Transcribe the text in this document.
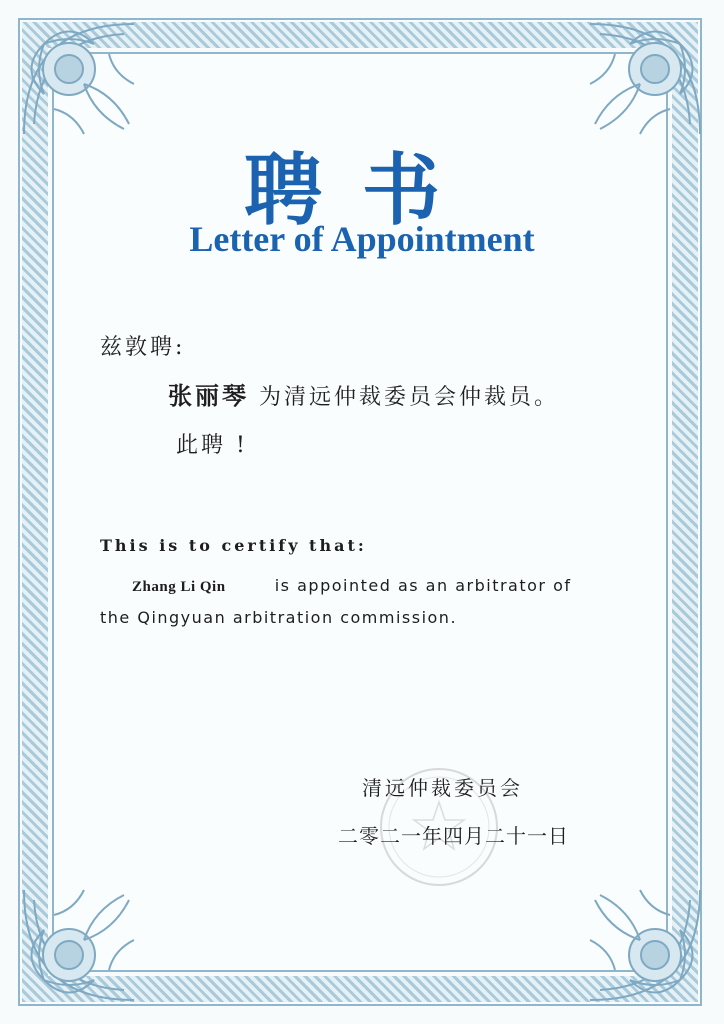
聘书
Letter of Appointment
兹敦聘:
张丽琴 为清远仲裁委员会仲裁员。
此聘 !
This is to certify that:
Zhang Li Qin	is appointed as an arbitrator of
the Qingyuan arbitration commission.
清远仲裁委员会
二零二一年四月二十一日
